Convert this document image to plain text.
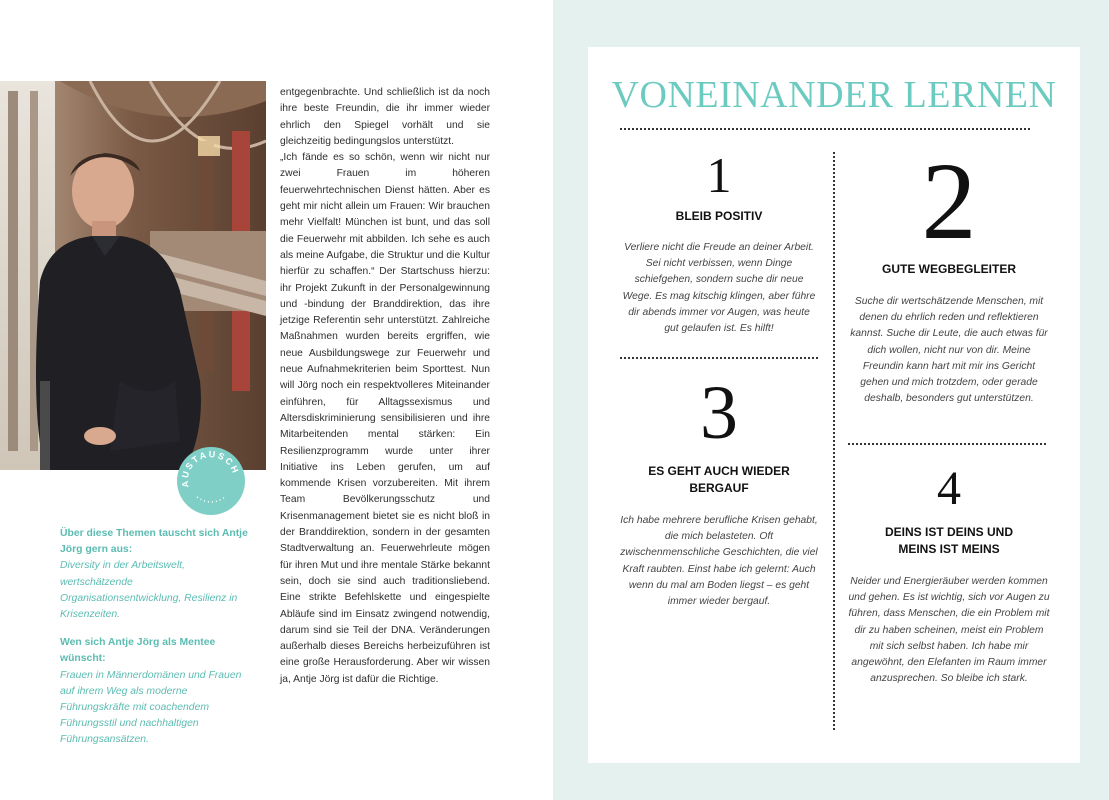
AUSTAUSCH

Über diese Themen tauscht sich Antje Jörg gern aus:

Diversity in der Arbeitswelt, wertschätzende Organisationsentwicklung, Resilienz in Krisenzeiten.

Wen sich Antje Jörg als Mentee wünscht:

Frauen in Männerdomänen und Frauen auf ihrem Weg als moderne Führungskräfte mit coachendem Führungsstil und nachhaltigen Führungsansätzen.

entgegenbrachte. Und schließlich ist da noch ihre beste Freundin, die ihr immer wieder ehrlich den Spiegel vorhält und sie gleichzeitig bedingungslos unterstützt.

„Ich fände es so schön, wenn wir nicht nur zwei Frauen im höheren feuerwehrtechnischen Dienst hätten. Aber es geht mir nicht allein um Frauen: Wir brauchen mehr Vielfalt! München ist bunt, und das soll die Feuerwehr mit abbilden. Ich sehe es auch als meine Aufgabe, die Struktur und die Kultur hierfür zu schaffen.“ Der Startschuss hierzu: ihr Projekt Zukunft in der Personalgewinnung und -bindung der Branddirektion, das ihre jetzige Referentin sehr unterstützt. Zahlreiche Maßnahmen wurden bereits ergriffen, wie neue Ausbildungswege zur Feuerwehr und neue Aufnahmekriterien beim Sporttest. Nun will Jörg noch ein respektvolleres Miteinander einführen, für Alltagssexismus und Altersdiskriminierung sensibilisieren und ihre Mitarbeitenden mental stärken: Ein Resilienzprogramm wurde unter ihrer Initiative ins Leben gerufen, um auf kommende Krisen vorzubereiten. Mit ihrem Team Bevölkerungsschutz und Krisenmanagement bietet sie es nicht bloß in der Branddirektion, sondern in der gesamten Stadtverwaltung an. Feuerwehrleute mögen für ihren Mut und ihre mentale Stärke bekannt sein, doch sie sind auch traditionsliebend. Eine strikte Befehlskette und eingespielte Abläufe sind im Einsatz zwingend notwendig, darum sind sie Teil der DNA. Veränderungen außerhalb dieses Bereichs herbeizuführen ist eine große Herausforderung. Aber wir wissen ja, Antje Jörg ist dafür die Richtige.

VONEINANDER LERNEN
1
BLEIB POSITIV
Verliere nicht die Freude an deiner Arbeit. Sei nicht verbissen, wenn Dinge schiefgehen, sondern suche dir neue Wege. Es mag kitschig klingen, aber führe dir abends immer vor Augen, was heute gut gelaufen ist. Es hilft!
2
GUTE WEGBEGLEITER
Suche dir wertschätzende Menschen, mit denen du ehrlich reden und reflektieren kannst. Suche dir Leute, die auch etwas für dich wollen, nicht nur von dir. Meine Freundin kann hart mit mir ins Gericht gehen und mich trotzdem, oder gerade deshalb, besonders gut unterstützen.
3
ES GEHT AUCH WIEDER BERGAUF
Ich habe mehrere berufliche Krisen gehabt, die mich belasteten. Oft zwischenmenschliche Geschichten, die viel Kraft raubten. Einst habe ich gelernt: Auch wenn du mal am Boden liegst – es geht immer wieder bergauf.
4
DEINS IST DEINS UND MEINS IST MEINS
Neider und Energieräuber werden kommen und gehen. Es ist wichtig, sich vor Augen zu führen, dass Menschen, die ein Problem mit dir zu haben scheinen, meist ein Problem mit sich selbst haben. Ich habe mir angewöhnt, den Elefanten im Raum immer anzusprechen. So bleibe ich stark.
